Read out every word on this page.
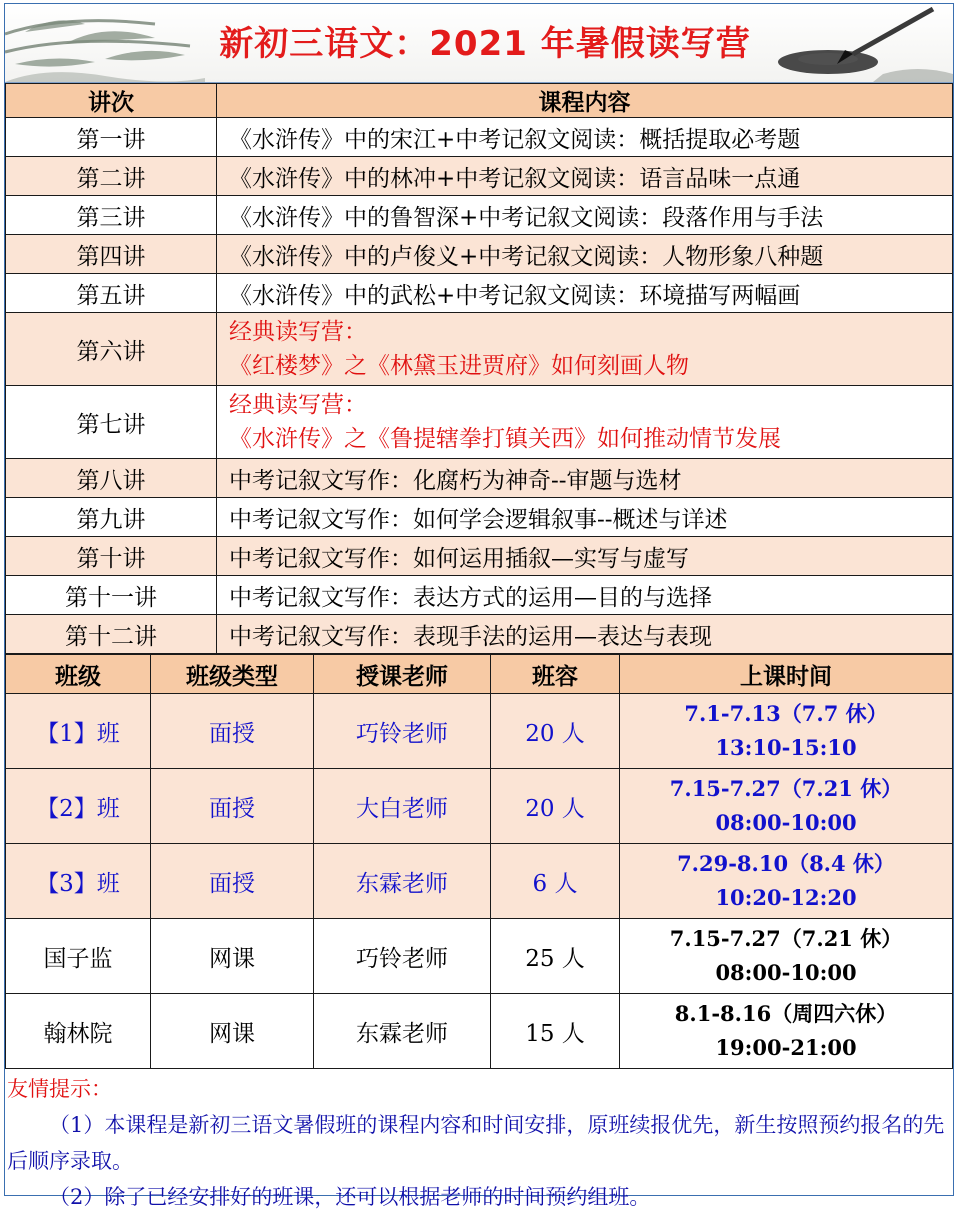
新初三语文：2021 年暑假读写营
讲次	课程内容
第一讲	《水浒传》中的宋江+中考记叙文阅读：概括提取必考题
第二讲	《水浒传》中的林冲+中考记叙文阅读：语言品味一点通
第三讲	《水浒传》中的鲁智深+中考记叙文阅读：段落作用与手法
第四讲	《水浒传》中的卢俊义+中考记叙文阅读：人物形象八种题
第五讲	《水浒传》中的武松+中考记叙文阅读：环境描写两幅画
第六讲	经典读写营：
《红楼梦》之《林黛玉进贾府》如何刻画人物

第七讲	经典读写营：
《水浒传》之《鲁提辖拳打镇关西》如何推动情节发展

第八讲	中考记叙文写作：化腐朽为神奇--审题与选材
第九讲	中考记叙文写作：如何学会逻辑叙事--概述与详述
第十讲	中考记叙文写作：如何运用插叙—实写与虚写
第十一讲	中考记叙文写作：表达方式的运用—目的与选择
第十二讲	中考记叙文写作：表现手法的运用—表达与表现
班级	班级类型	授课老师	班容	上课时间
【1】班	面授	巧铃老师	20 人	7.1-7.13（7.7 休）
13:10-15:10

【2】班	面授	大白老师	20 人	7.15-7.27（7.21 休）
08:00-10:00

【3】班	面授	东霖老师	6 人	7.29-8.10（8.4 休）
10:20-12:20

国子监	网课	巧铃老师	25 人	7.15-7.27（7.21 休）
08:00-10:00

翰林院	网课	东霖老师	15 人	8.1-8.16（周四六休）
19:00-21:00
友情提示：

（1）本课程是新初三语文暑假班的课程内容和时间安排，原班续报优先，新生按照预约报名的先后顺序录取。

（2）除了已经安排好的班课，还可以根据老师的时间预约组班。
